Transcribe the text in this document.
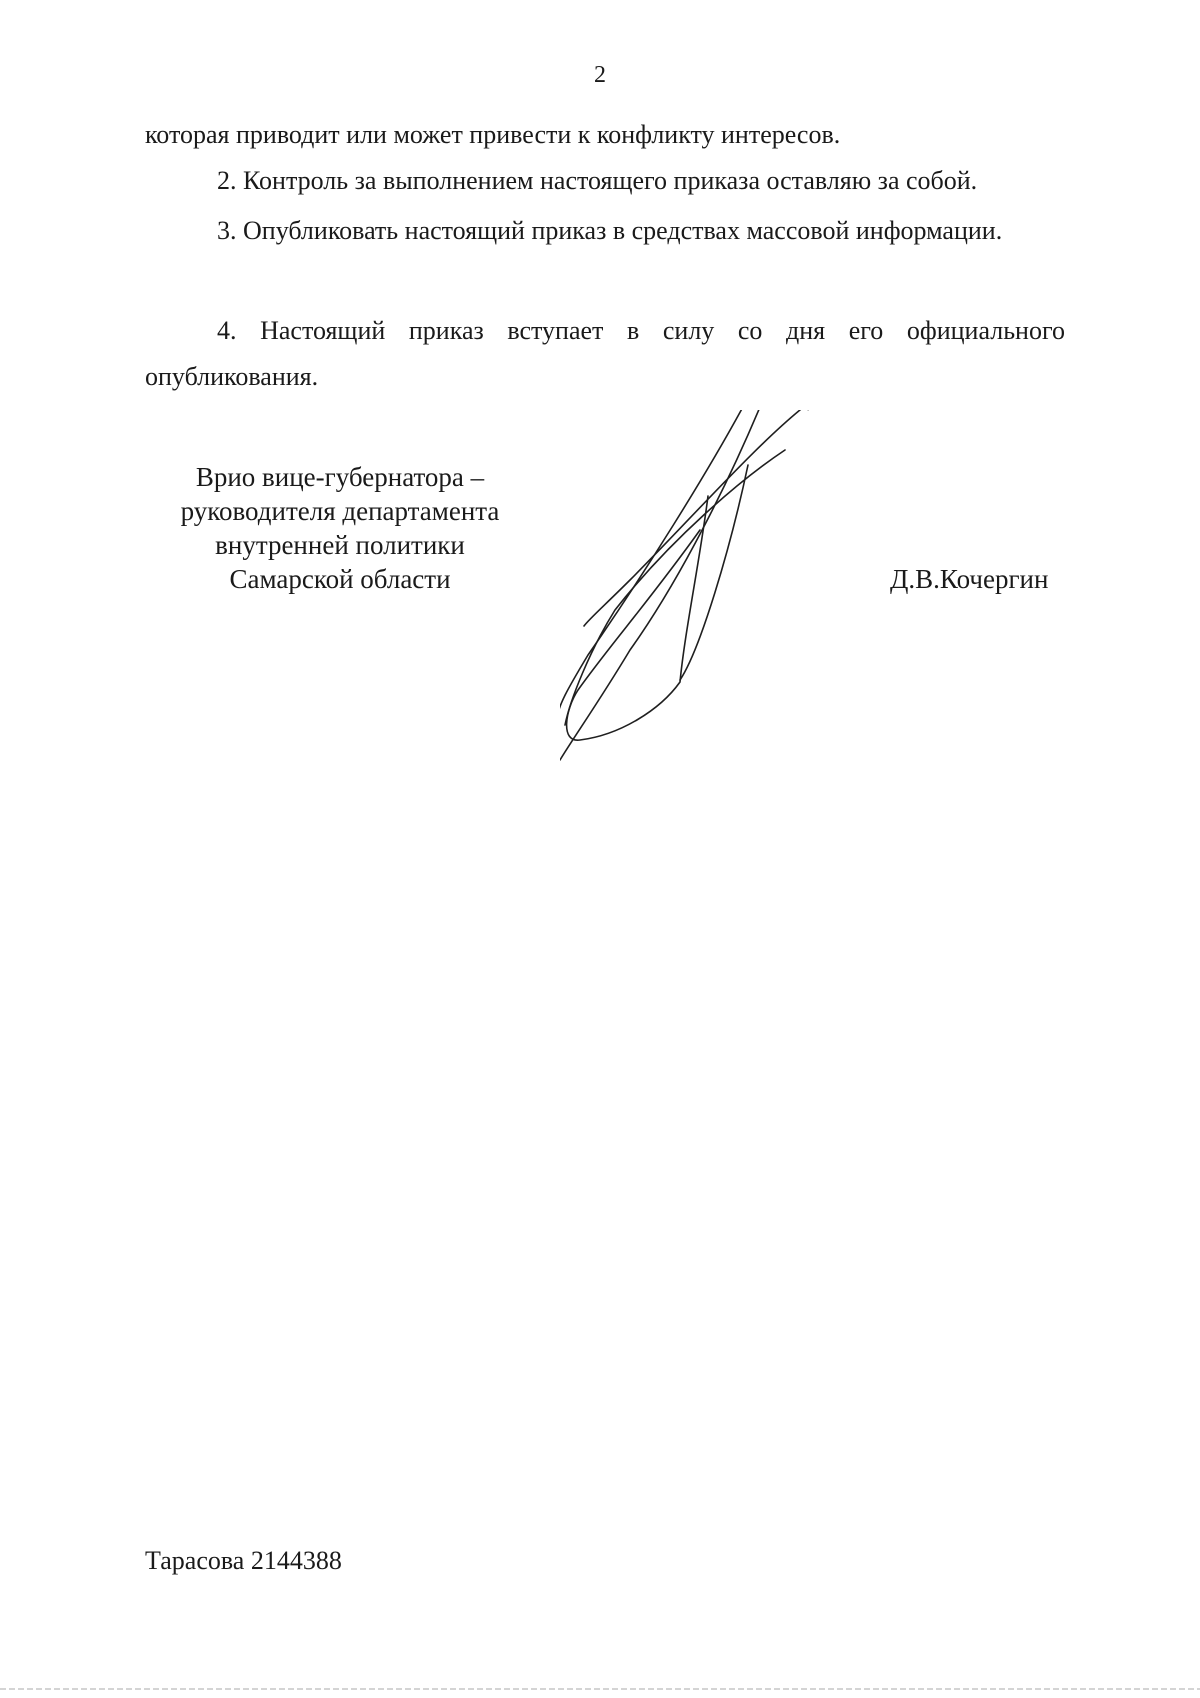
2

которая приводит или может привести к конфликту интересов.

2. Контроль за выполнением настоящего приказа оставляю за собой.

3. Опубликовать настоящий приказ в средствах массовой информации.

4. Настоящий приказ вступает в силу со дня его официального опубликования.

Врио вице-губернатора –
руководителя департамента
внутренней политики
Самарской области	Д.В.Кочергин
Тарасова 2144388
